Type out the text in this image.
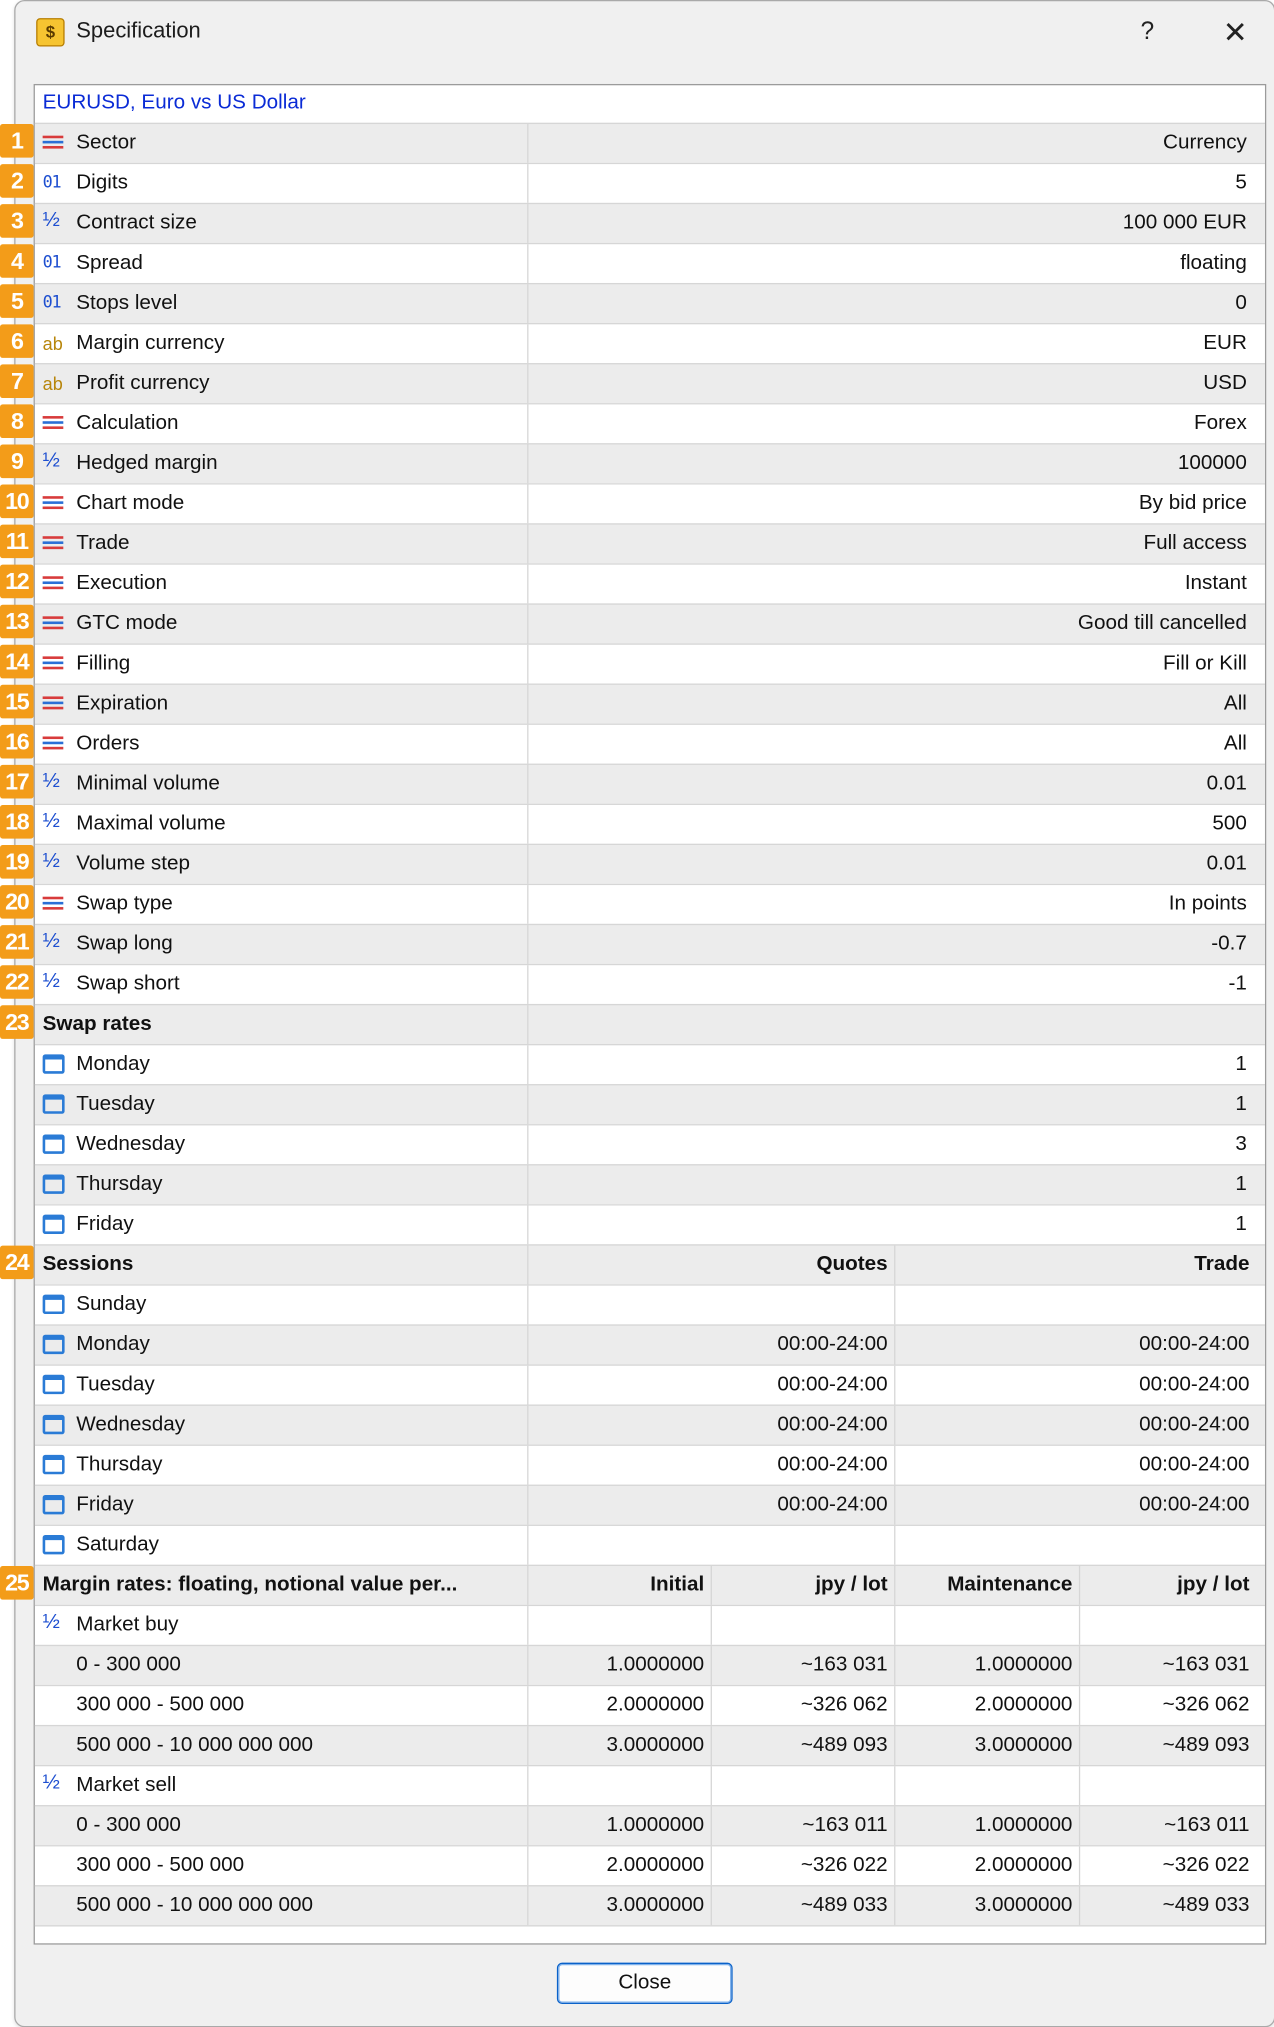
$	Specification	?	✕
EURUSD, Euro vs US Dollar
Sector	Currency
01 Digits	5
½	Contract size	100 000 EUR
01 Spread	floating
01 Stops level	0
ab Margin currency	EUR
ab Profit currency	USD
Calculation	Forex
½	Hedged margin	100000
Chart mode	By bid price
Trade	Full access
Execution	Instant
GTC mode	Good till cancelled
Filling	Fill or Kill
Expiration	All
Orders	All
½	Minimal volume	0.01
½	Maximal volume	500
½	Volume step	0.01
Swap type	In points
½	Swap long	-0.7
½	Swap short	-1
Swap rates
Monday	1
Tuesday	1
Wednesday	3
Thursday	1
Friday	1
Sessions	Quotes	Trade
Sunday
Monday	00:00-24:00	00:00-24:00
Tuesday	00:00-24:00	00:00-24:00
Wednesday	00:00-24:00	00:00-24:00
Thursday	00:00-24:00	00:00-24:00
Friday	00:00-24:00	00:00-24:00
Saturday
Margin rates: floating, notional value per...	Initial	jpy / lot	Maintenance	jpy / lot
½	Market buy
0 - 300 000	1.0000000	~163 031	1.0000000	~163 031
300 000 - 500 000	2.0000000	~326 062	2.0000000	~326 062
500 000 - 10 000 000 000	3.0000000	~489 093	3.0000000	~489 093
½	Market sell
0 - 300 000	1.0000000	~163 011	1.0000000	~163 011
300 000 - 500 000	2.0000000	~326 022	2.0000000	~326 022
500 000 - 10 000 000 000	3.0000000	~489 033	3.0000000	~489 033
Close
1
2
3
4
5
6
7
8
9
10
11
12
13
14
15
16
17
18
19
20
21
22
23
24
25
